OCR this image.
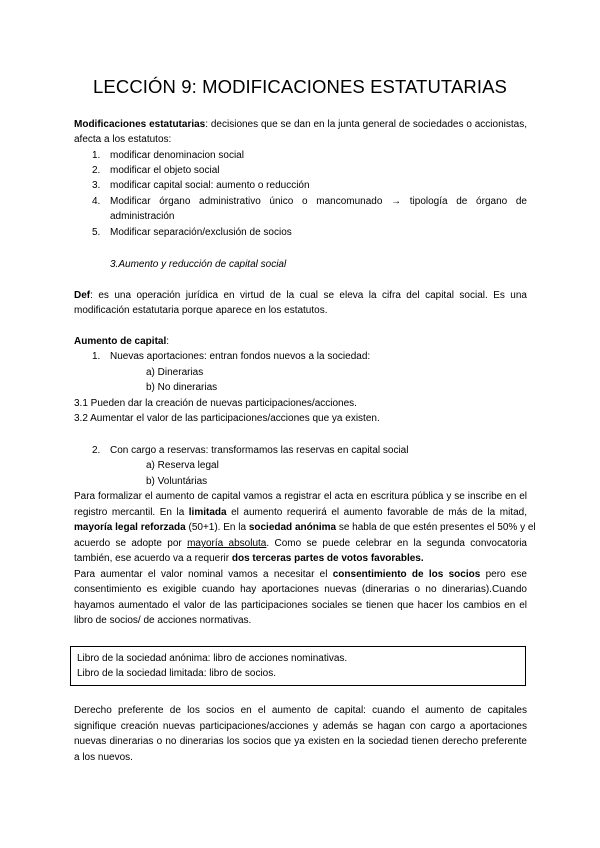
LECCIÓN 9: MODIFICACIONES ESTATUTARIAS
Modificaciones estatutarias: decisiones que se dan en la junta general de sociedades o accionistas,
afecta a los estatutos:
1. modificar denominacion social
2. modificar el objeto social
3. modificar capital social: aumento o reducción
4. Modificar órgano administrativo único o mancomunado → tipología de órgano de
administración
5. Modificar separación/exclusión de socios
3.Aumento y reducción de capital social
Def: es una operación jurídica en virtud de la cual se eleva la cifra del capital social. Es una
modificación estatutaria porque aparece en los estatutos.
Aumento de capital:
1. Nuevas aportaciones: entran fondos nuevos a la sociedad:
a) Dinerarias
b) No dinerarias
3.1 Pueden dar la creación de nuevas participaciones/acciones.
3.2 Aumentar el valor de las participaciones/acciones que ya existen.
2. Con cargo a reservas: transformamos las reservas en capital social
a) Reserva legal
b) Voluntárias
Para formalizar el aumento de capital vamos a registrar el acta en escritura pública y se inscribe en el
registro mercantil. En la limitada el aumento requerirá el aumento favorable de más de la mitad,
mayoría legal reforzada (50+1). En la sociedad anónima se habla de que estén presentes el 50% y el
acuerdo se adopte por mayoría absoluta. Como se puede celebrar en la segunda convocatoria
también, ese acuerdo va a requerir dos terceras partes de votos favorables.
Para aumentar el valor nominal vamos a necesitar el consentimiento de los socios pero ese
consentimiento es exigible cuando hay aportaciones nuevas (dinerarias o no dinerarias).Cuando
hayamos aumentado el valor de las participaciones sociales se tienen que hacer los cambios en el
libro de socios/ de acciones normativas.
Libro de la sociedad anónima: libro de acciones nominativas.
Libro de la sociedad limitada: libro de socios.
Derecho preferente de los socios en el aumento de capital: cuando el aumento de capitales
signifique creación nuevas participaciones/acciones y además se hagan con cargo a aportaciones
nuevas dinerarias o no dinerarias los socios que ya existen en la sociedad tienen derecho preferente
a los nuevos.
